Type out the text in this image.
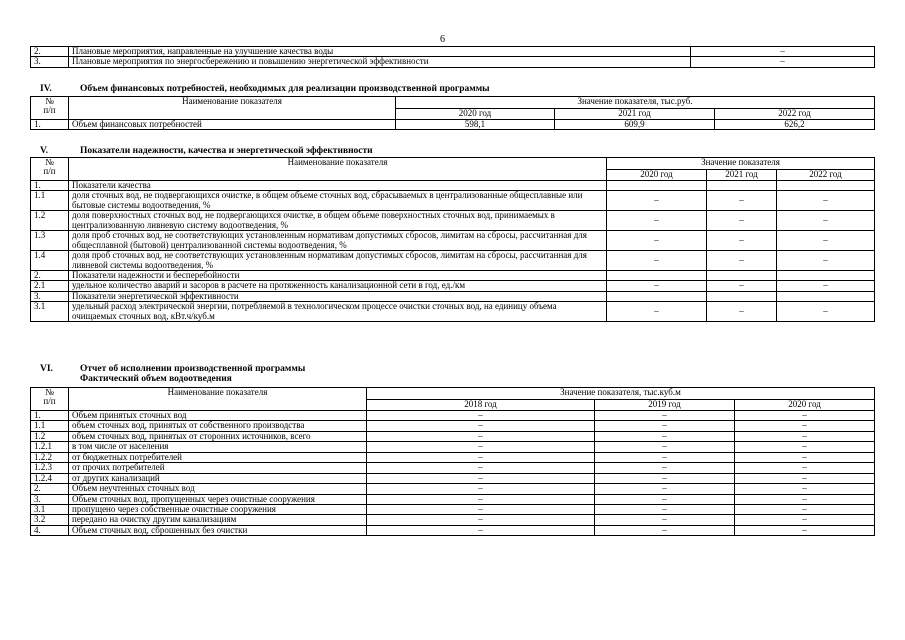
6
2.	Плановые мероприятия, направленные на улучшение качества воды	–
3.	Плановые мероприятия по энергосбережению и повышению энергетической эффективности	–
IV.	Объем финансовых потребностей, необходимых для реализации производственной программы
№
п/п	Наименование показателя	Значение показателя, тыс.руб.		
		2020 год	2021 год	2022 год
1.	Объем финансовых потребностей	598,1	609,9	626,2
V.	Показатели надежности, качества и энергетической эффективности
№
п/п	Наименование показателя	Значение показателя		
		2020 год	2021 год	2022 год
1.	Показатели качества			
1.1	доля сточных вод, не подвергающихся очистке, в общем объеме сточных вод, сбрасываемых в централизованные общесплавные или бытовые системы водоотведения, %	–	–	–
1.2	доля поверхностных сточных вод, не подвергающихся очистке, в общем объеме поверхностных сточных вод, принимаемых в централизованную ливневую систему водоотведения, %	–	–	–
1.3	доля проб сточных вод, не соответствующих установленным нормативам допустимых сбросов, лимитам на сбросы, рассчитанная для общесплавной (бытовой) централизованной системы водоотведения, %	–	–	–
1.4	доля проб сточных вод, не соответствующих установленным нормативам допустимых сбросов, лимитам на сбросы, рассчитанная для ливневой системы водоотведения, %	–	–	–
2.	Показатели надежности и бесперебойности			
2.1	удельное количество аварий и засоров в расчете на протяженность канализационной сети в год, ед./км	–	–	–
3.	Показатели энергетической эффективности			
3.1	удельный расход электрической энергии, потребляемой в технологическом процессе очистки сточных вод, на единицу объема очищаемых сточных вод, кВт.ч/куб.м	–	–	–
VI.	Отчет об исполнении производственной программы
Фактический объем водоотведения
№
п/п	Наименование показателя	Значение показателя, тыс.куб.м		
		2018 год	2019 год	2020 год
1.	Объем принятых сточных вод	–	–	–
1.1	объем сточных вод, принятых от собственного производства	–	–	–
1.2	объем сточных вод, принятых от сторонних источников, всего	–	–	–
1.2.1	в том числе от населения	–	–	–
1.2.2	от бюджетных потребителей	–	–	–
1.2.3	от прочих потребителей	–	–	–
1.2.4	от других канализаций	–	–	–
2.	Объем неучтенных сточных вод	–	–	–
3.	Объем сточных вод, пропущенных через очистные сооружения	–	–	–
3.1	пропущено через собственные очистные сооружения	–	–	–
3.2	передано на очистку другим канализациям	–	–	–
4.	Объем сточных вод, сброшенных без очистки	–	–	–
